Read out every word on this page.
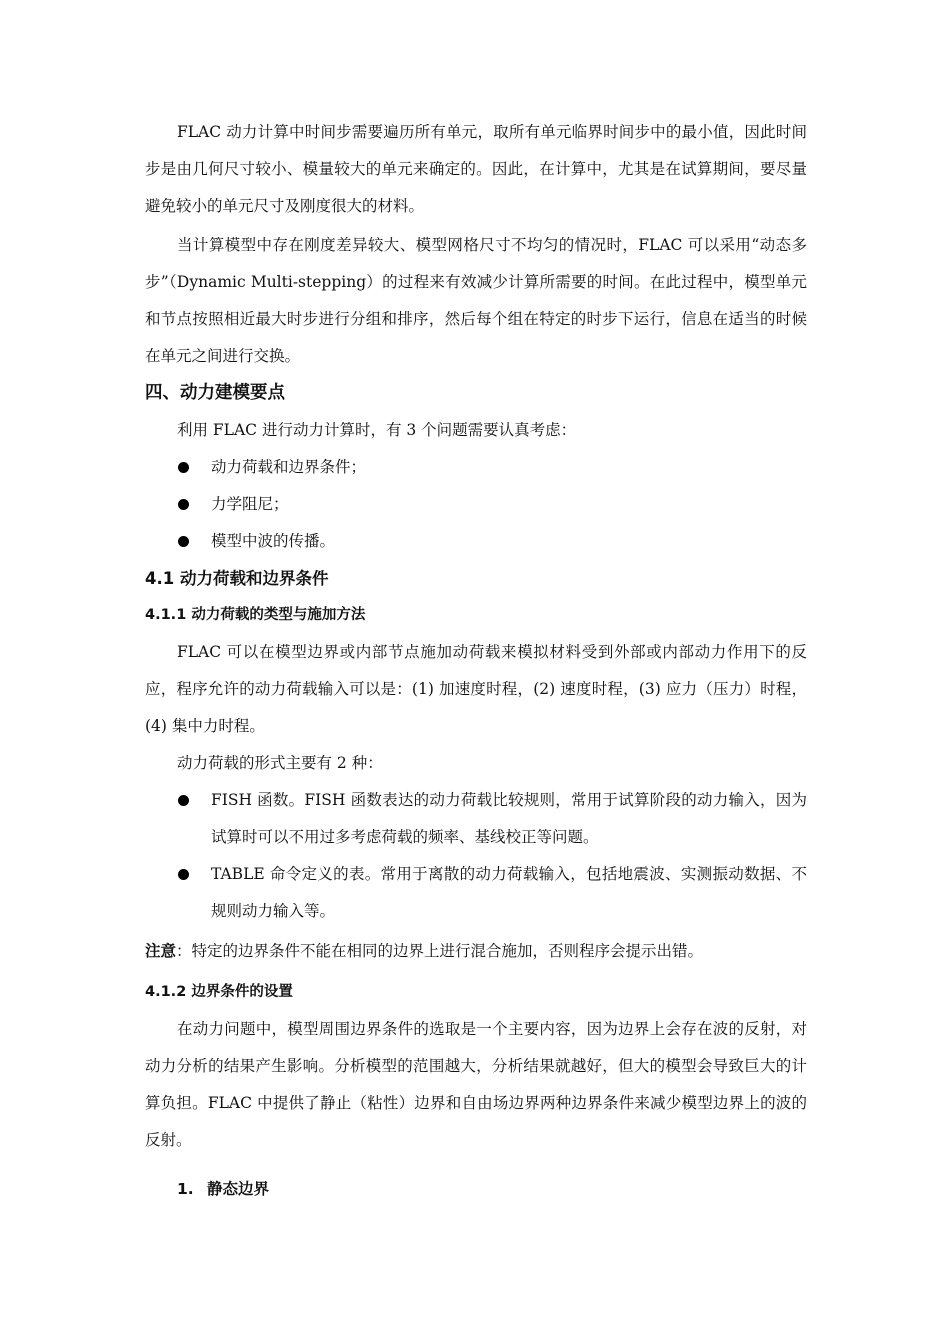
FLAC 动力计算中时间步需要遍历所有单元，取所有单元临界时间步中的最小值，因此时间步是由几何尺寸较小、模量较大的单元来确定的。因此，在计算中，尤其是在试算期间，要尽量避免较小的单元尺寸及刚度很大的材料。

当计算模型中存在刚度差异较大、模型网格尺寸不均匀的情况时，FLAC 可以采用“动态多步”（Dynamic Multi-stepping）的过程来有效减少计算所需要的时间。在此过程中，模型单元和节点按照相近最大时步进行分组和排序，然后每个组在特定的时步下运行，信息在适当的时候在单元之间进行交换。

四、动力建模要点

利用 FLAC 进行动力计算时，有 3 个问题需要认真考虑：

动力荷载和边界条件；
力学阻尼；
模型中波的传播。
4.1 动力荷载和边界条件
4.1.1 动力荷载的类型与施加方法

FLAC 可以在模型边界或内部节点施加动荷载来模拟材料受到外部或内部动力作用下的反应，程序允许的动力荷载输入可以是：(1) 加速度时程，(2) 速度时程，(3) 应力（压力）时程，(4) 集中力时程。

动力荷载的形式主要有 2 种：

FISH 函数。FISH 函数表达的动力荷载比较规则，常用于试算阶段的动力输入，因为试算时可以不用过多考虑荷载的频率、基线校正等问题。
TABLE 命令定义的表。常用于离散的动力荷载输入，包括地震波、实测振动数据、不规则动力输入等。

注意：特定的边界条件不能在相同的边界上进行混合施加，否则程序会提示出错。

4.1.2 边界条件的设置

在动力问题中，模型周围边界条件的选取是一个主要内容，因为边界上会存在波的反射，对动力分析的结果产生影响。分析模型的范围越大，分析结果就越好，但大的模型会导致巨大的计算负担。FLAC 中提供了静止（粘性）边界和自由场边界两种边界条件来减少模型边界上的波的反射。

1. 静态边界
